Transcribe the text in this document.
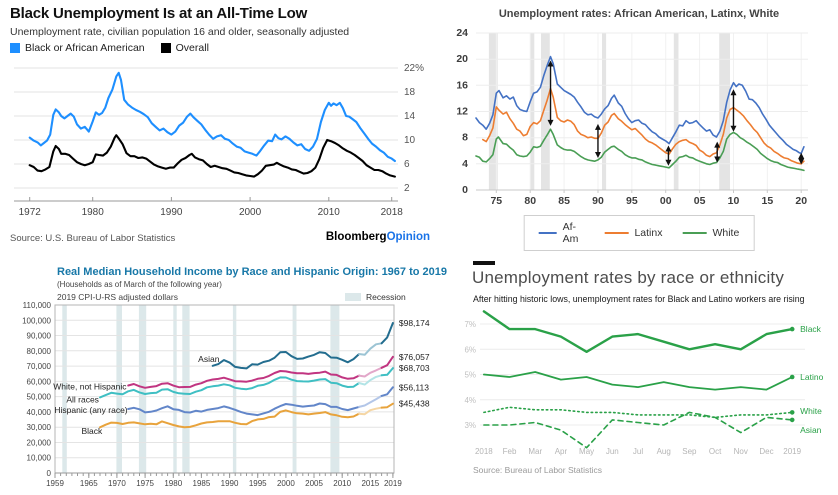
Black Unemployment Is at an All-Time Low
Unemployment rate, civilian population 16 and older, seasonally adjusted
Black or African American	Overall
22%
18
14
10
6
2
1972	1980	1990	2000	2010	2018
Source: U.S. Bureau of Labor Statistics	BloombergOpinion
Unemployment rates: African American, Latinx, White
24
20
16
12
8
4
0
75 80 85 90 95 00 05 10 15 20
Af-Am	Latinx	White
Real Median Household Income by Race and Hispanic Origin: 1967 to 2019
(Households as of March of the following year)
2019 CPI-U-RS adjusted dollars	Recession
110,000
100,000
90,000
80,000
70,000
60,000
50,000
40,000
30,000
20,000
10,000
0
1959 1965 1970 1975 1980 1985 1990 1995 2000 2005 2010 2015 2019
Asian
White, not Hispanic
All races
Hispanic (any race)
Black
$98,174
$76,057
$68,703
$56,113
$45,438
Unemployment rates by race or ethnicity
After hitting historic lows, unemployment rates for Black and Latino workers are rising
7%
6%
5%
4%
3%
2018 Feb Mar Apr May Jun Jul Aug Sep Oct Nov Dec 2019
Black
Latino
White
Asian
Source: Bureau of Labor Statistics
